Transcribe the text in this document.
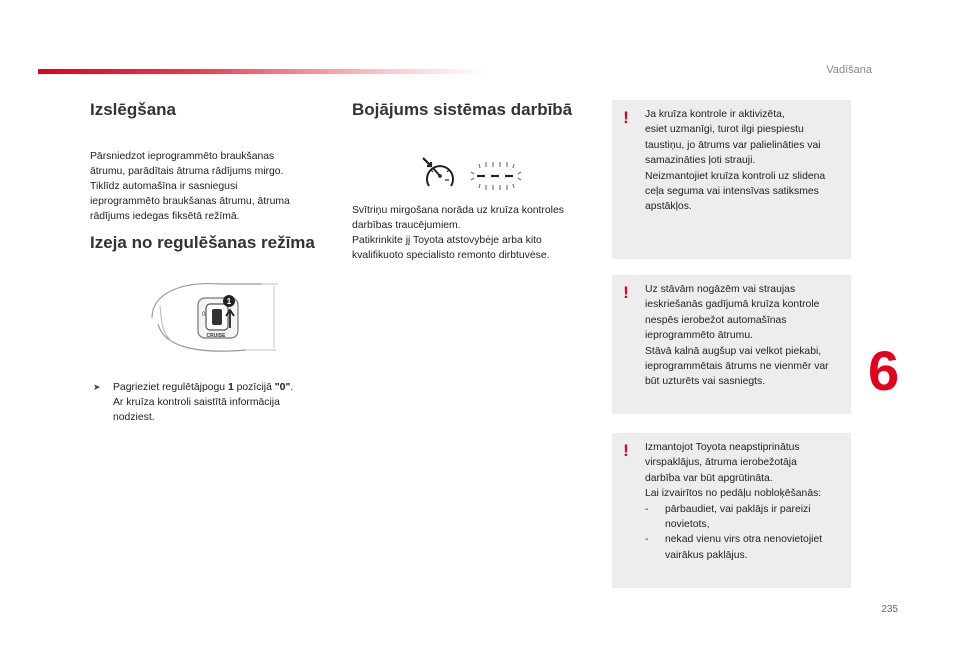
Vadīšana
6
235
Izslēgšana
Pārsniedzot ieprogrammēto braukšanas
ātrumu, parādītais ātruma rādījums mirgo.
Tiklīdz automašīna ir sasniegusi
ieprogrammēto braukšanas ātrumu, ātruma
rādījums iedegas fiksētā režīmā.
Izeja no regulēšanas režīma
0
1
CRUISE
➤ Pagrieziet regulētājpogu 1 pozīcijā "0".
Ar kruīza kontroli saistītā informācija
nodziest.
Bojājums sistēmas darbībā
Svītriņu mirgošana norāda uz kruīza kontroles
darbības traucējumiem.
Patikrinkite jį Toyota atstovybėje arba kito
kvalifikuoto specialisto remonto dirbtuvėse.
!	Ja kruīza kontrole ir aktivizēta,
esiet uzmanīgi, turot ilgi piespiestu
taustiņu, jo ātrums var palielināties vai
samazināties ļoti strauji.
Neizmantojiet kruīza kontroli uz slidena
ceļa seguma vai intensīvas satiksmes
apstākļos.
!	Uz stāvām nogāzēm vai straujas
ieskriešanās gadījumā kruīza kontrole
nespēs ierobežot automašīnas
ieprogrammēto ātrumu.
Stāvā kalnā augšup vai velkot piekabi,
ieprogrammētais ātrums ne vienmēr var
būt uzturēts vai sasniegts.
!	Izmantojot Toyota neapstiprinātus
virspaklājus, ātruma ierobežotāja
darbība var būt apgrūtināta.
Lai izvairītos no pedāļu nobloķēšanās:
- pārbaudiet, vai paklājs ir pareizi
novietots,
- nekad vienu virs otra nenovietojiet
vairākus paklājus.
